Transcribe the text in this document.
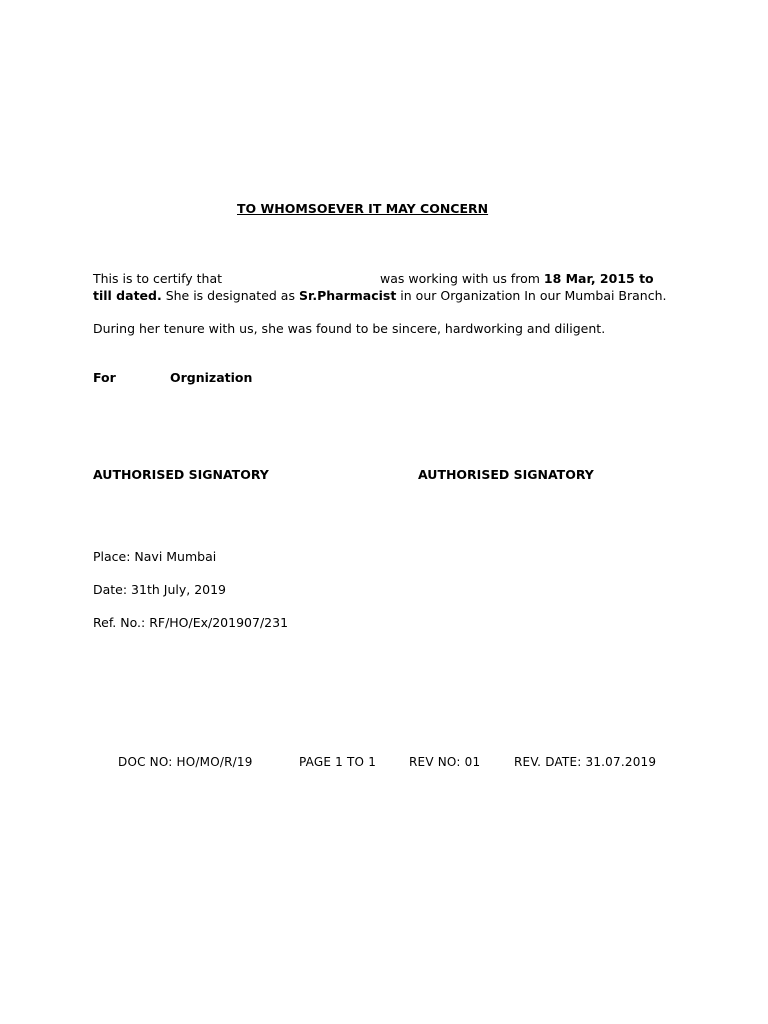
TO WHOMSOEVER IT MAY CONCERN
This is to certify that	was working with us from 18 Mar, 2015 to till dated. She is designated as Sr.Pharmacist in our Organization In our Mumbai Branch.
During her tenure with us, she was found to be sincere, hardworking and diligent.
For	Orgnization
AUTHORISED SIGNATORY	AUTHORISED SIGNATORY
Place: Navi Mumbai
Date: 31th July, 2019
Ref. No.: RF/HO/Ex/201907/231
DOC NO: HO/MO/R/19	PAGE 1 TO 1	REV NO: 01	REV. DATE: 31.07.2019
